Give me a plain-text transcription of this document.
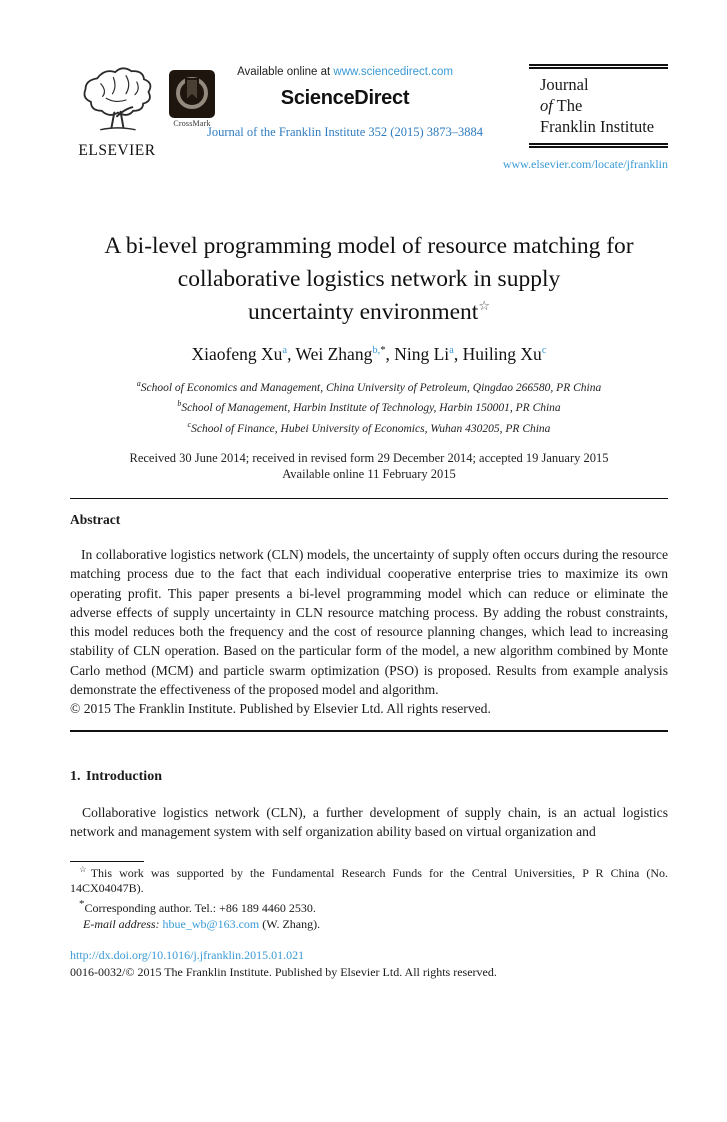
ELSEVIER
CrossMark
Available online at www.sciencedirect.com
ScienceDirect
Journal of the Franklin Institute 352 (2015) 3873–3884
Journal
of The
Franklin Institute
www.elsevier.com/locate/jfranklin
A bi-level programming model of resource matching for
collaborative logistics network in supply
uncertainty environment☆
Xiaofeng Xu$^a$, Wei Zhang$^{b,*}$, Ning Li$^a$, Huiling Xu$^c$
$^a$School of Economics and Management, China University of Petroleum, Qingdao 266580, PR China
$^b$School of Management, Harbin Institute of Technology, Harbin 150001, PR China
$^c$School of Finance, Hubei University of Economics, Wuhan 430205, PR China
Received 30 June 2014; received in revised form 29 December 2014; accepted 19 January 2015
Available online 11 February 2015
Abstract
In collaborative logistics network (CLN) models, the uncertainty of supply often occurs during the resource matching process due to the fact that each individual cooperative enterprise tries to maximize its own operating profit. This paper presents a bi-level programming model which can reduce or eliminate the adverse effects of supply uncertainty in CLN resource matching process. By adding the robust constraints, this model reduces both the frequency and the cost of resource planning changes, which lead to increasing stability of CLN operation. Based on the particular form of the model, a new algorithm combined by Monte Carlo method (MCM) and particle swarm optimization (PSO) is proposed. Results from example analysis demonstrate the effectiveness of the proposed model and algorithm.
© 2015 The Franklin Institute. Published by Elsevier Ltd. All rights reserved.
1. Introduction
Collaborative logistics network (CLN), a further development of supply chain, is an actual logistics network and management system with self organization ability based on virtual organization and
☆This work was supported by the Fundamental Research Funds for the Central Universities, P R China (No. 14CX04047B).
*Corresponding author. Tel.: +86 189 4460 2530.
E-mail address: hbue_wb@163.com (W. Zhang).
http://dx.doi.org/10.1016/j.jfranklin.2015.01.021
0016-0032/© 2015 The Franklin Institute. Published by Elsevier Ltd. All rights reserved.
